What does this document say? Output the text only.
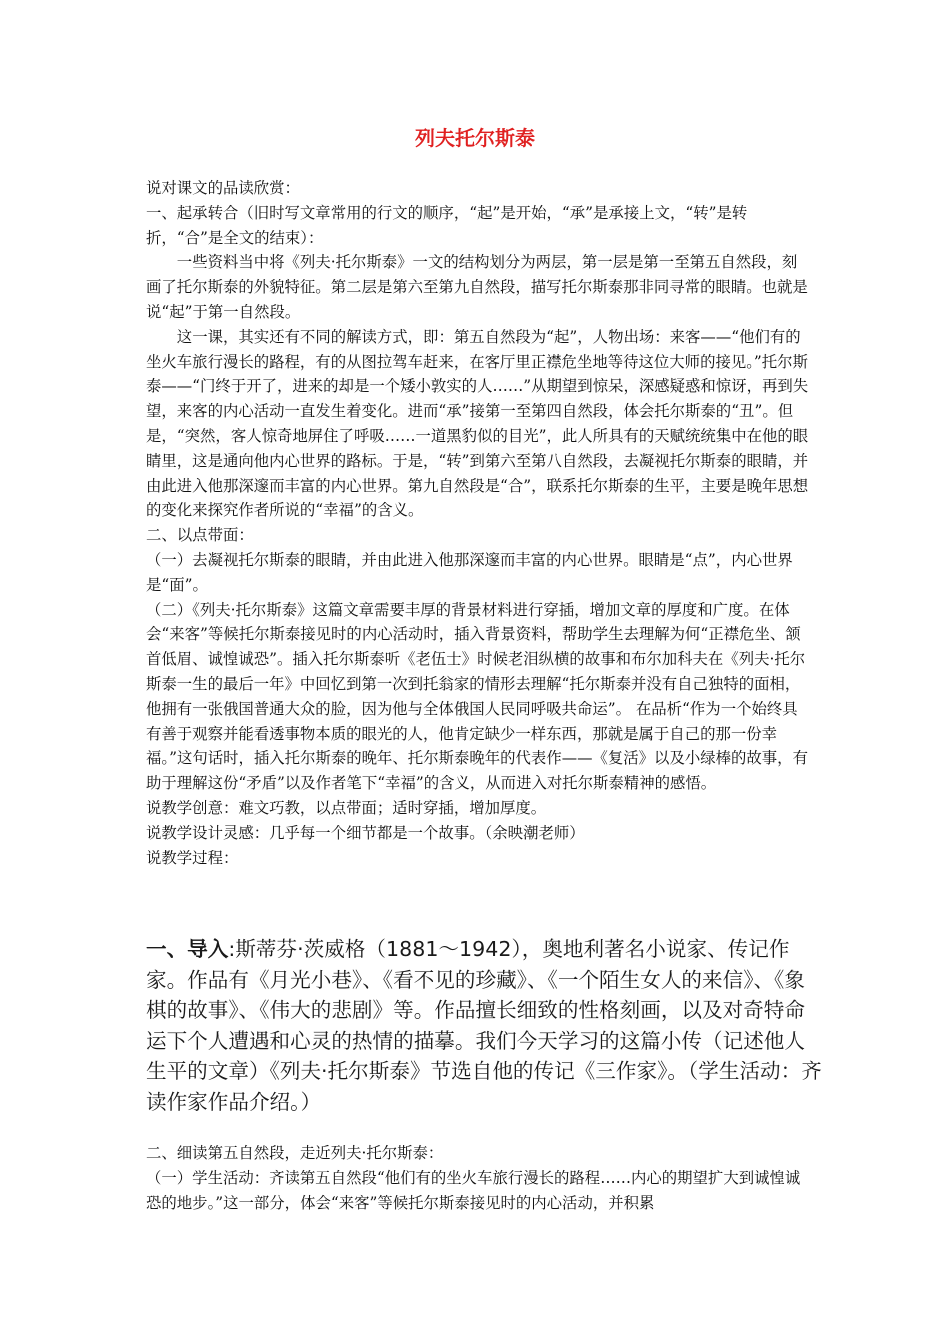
列夫托尔斯泰

说对课文的品读欣赏：

一、起承转合（旧时写文章常用的行文的顺序，“起”是开始，“承”是承接上文，“转”是转折，“合”是全文的结束）：

一些资料当中将《列夫·托尔斯泰》一文的结构划分为两层，第一层是第一至第五自然段，刻画了托尔斯泰的外貌特征。第二层是第六至第九自然段，描写托尔斯泰那非同寻常的眼睛。也就是说“起”于第一自然段。

这一课，其实还有不同的解读方式，即：第五自然段为“起”，人物出场：来客——“他们有的坐火车旅行漫长的路程，有的从图拉驾车赶来，在客厅里正襟危坐地等待这位大师的接见。”托尔斯泰——“门终于开了，进来的却是一个矮小敦实的人……”从期望到惊呆，深感疑惑和惊讶，再到失望，来客的内心活动一直发生着变化。进而“承”接第一至第四自然段，体会托尔斯泰的“丑”。但是，“突然，客人惊奇地屏住了呼吸……一道黑豹似的目光”，此人所具有的天赋统统集中在他的眼睛里，这是通向他内心世界的路标。于是，“转”到第六至第八自然段，去凝视托尔斯泰的眼睛，并由此进入他那深邃而丰富的内心世界。第九自然段是“合”，联系托尔斯泰的生平，主要是晚年思想的变化来探究作者所说的“幸福”的含义。

二、以点带面：

（一）去凝视托尔斯泰的眼睛，并由此进入他那深邃而丰富的内心世界。眼睛是“点”，内心世界是“面”。

（二）《列夫·托尔斯泰》这篇文章需要丰厚的背景材料进行穿插，增加文章的厚度和广度。在体会“来客”等候托尔斯泰接见时的内心活动时，插入背景资料，帮助学生去理解为何“正襟危坐、颔首低眉、诚惶诚恐”。插入托尔斯泰听《老伍士》时候老泪纵横的故事和布尔加科夫在《列夫·托尔斯泰一生的最后一年》中回忆到第一次到托翁家的情形去理解“托尔斯泰并没有自己独特的面相，他拥有一张俄国普通大众的脸，因为他与全体俄国人民同呼吸共命运”。 在品析“作为一个始终具有善于观察并能看透事物本质的眼光的人，他肯定缺少一样东西，那就是属于自己的那一份幸福。”这句话时，插入托尔斯泰的晚年、托尔斯泰晚年的代表作——《复活》以及小绿棒的故事，有助于理解这份“矛盾”以及作者笔下“幸福”的含义，从而进入对托尔斯泰精神的感悟。

说教学创意：难文巧教，以点带面；适时穿插，增加厚度。

说教学设计灵感：几乎每一个细节都是一个故事。（余映潮老师）

说教学过程：

一、导入:斯蒂芬·茨威格（1881～1942），奥地利著名小说家、传记作家。作品有《月光小巷》、《看不见的珍藏》、《一个陌生女人的来信》、《象棋的故事》、《伟大的悲剧》等。作品擅长细致的性格刻画，以及对奇特命运下个人遭遇和心灵的热情的描摹。我们今天学习的这篇小传（记述他人生平的文章）《列夫·托尔斯泰》节选自他的传记《三作家》。（学生活动：齐读作家作品介绍。）

二、细读第五自然段，走近列夫·托尔斯泰：

（一）学生活动：齐读第五自然段“他们有的坐火车旅行漫长的路程……内心的期望扩大到诚惶诚恐的地步。”这一部分，体会“来客”等候托尔斯泰接见时的内心活动，并积累
